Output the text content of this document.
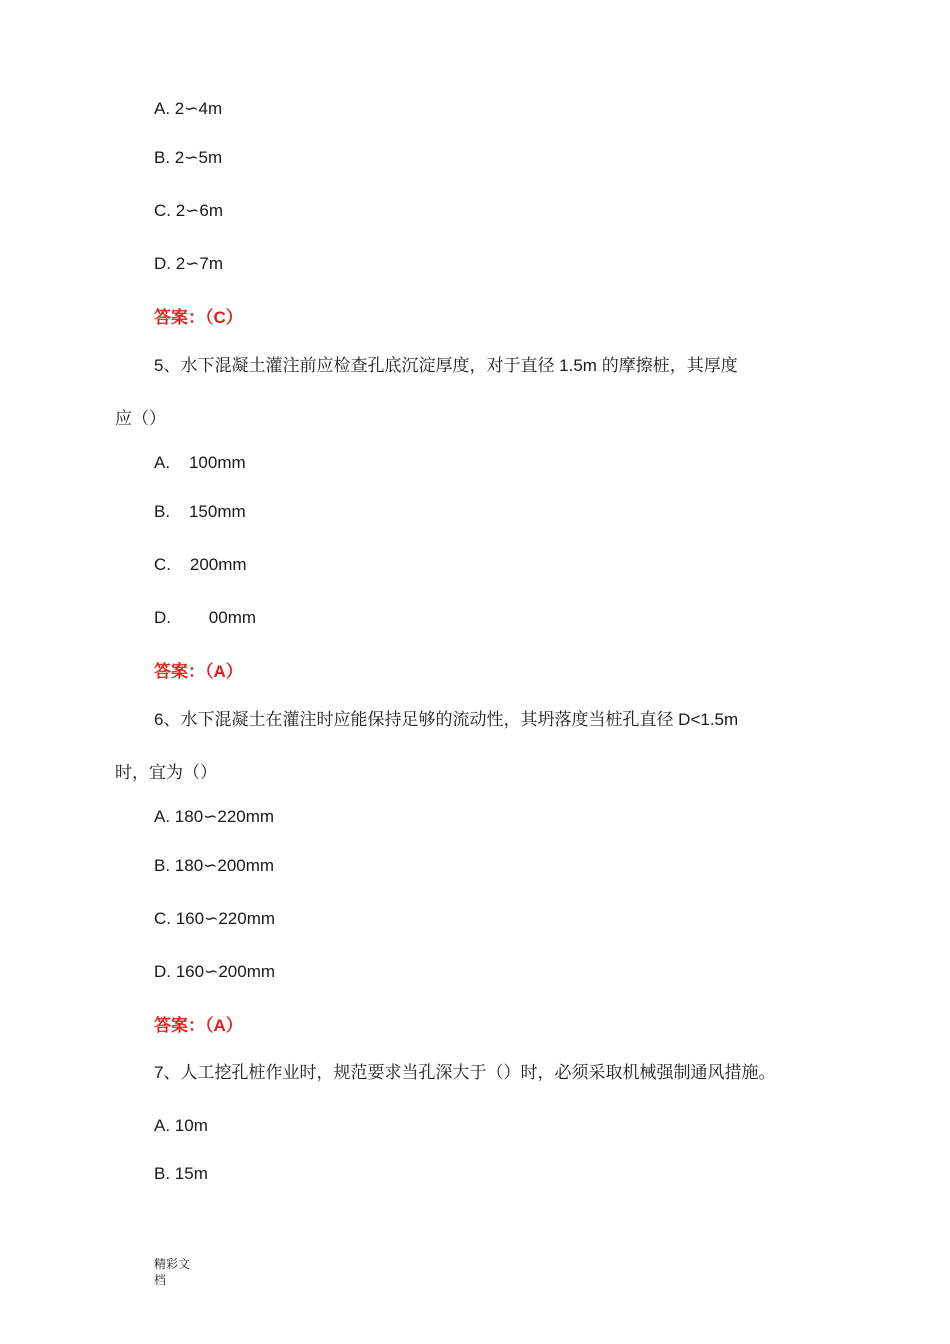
A. 2∽4m
B. 2∽5m
C. 2∽6m
D. 2∽7m
答案：（C）
5、水下混凝土灌注前应检查孔底沉淀厚度，对于直径 1.5m 的摩擦桩，其厚度
应（）
A.    100mm
B.    150mm
C.    200mm
D.        00mm
答案：（A）
6、水下混凝土在灌注时应能保持足够的流动性，其坍落度当桩孔直径 D<1.5m
时，宜为（）
A. 180∽220mm
B. 180∽200mm
C. 160∽220mm
D. 160∽200mm
答案：（A）
7、人工挖孔桩作业时，规范要求当孔深大于（）时，必须采取机械强制通风措施。
A. 10m
B. 15m
精彩文
档
